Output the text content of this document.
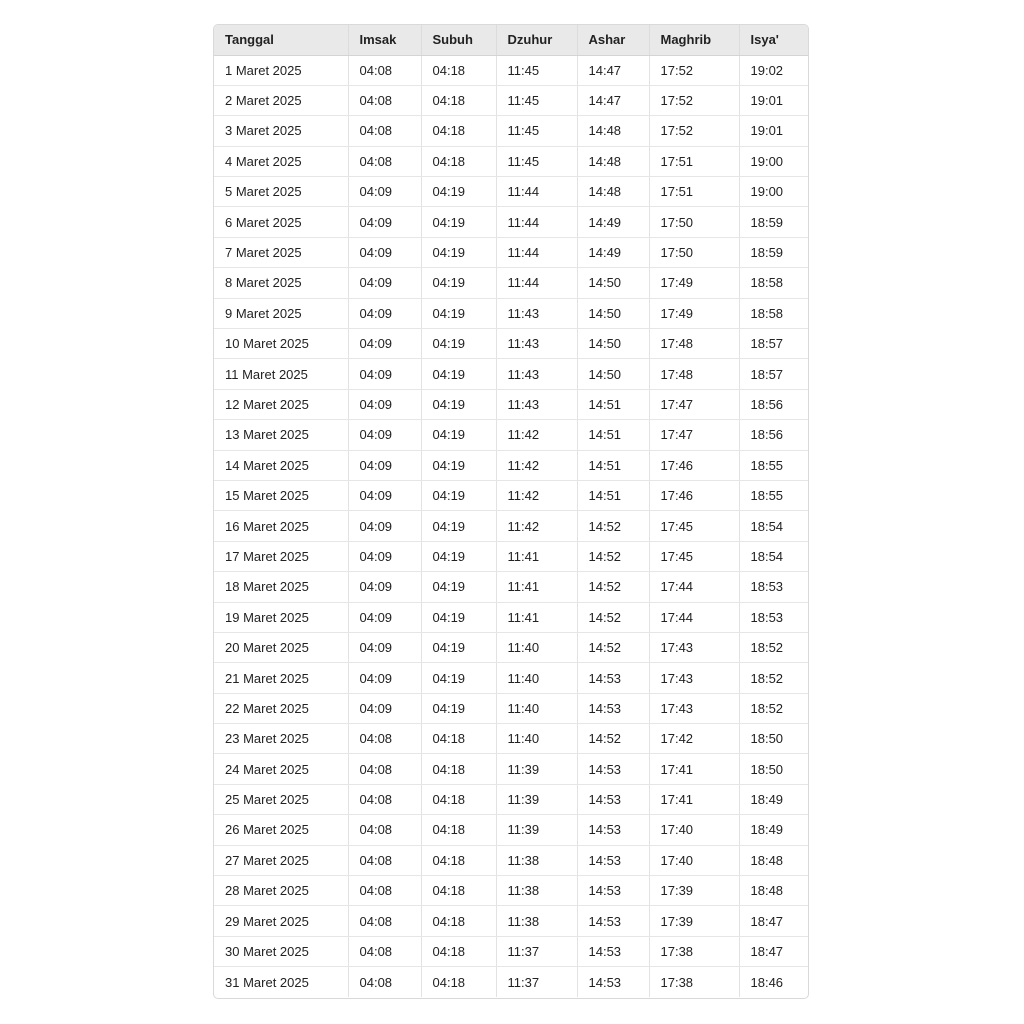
Tanggal	Imsak	Subuh	Dzuhur	Ashar	Maghrib	Isya'
1 Maret 2025	04:08	04:18	11:45	14:47	17:52	19:02
2 Maret 2025	04:08	04:18	11:45	14:47	17:52	19:01
3 Maret 2025	04:08	04:18	11:45	14:48	17:52	19:01
4 Maret 2025	04:08	04:18	11:45	14:48	17:51	19:00
5 Maret 2025	04:09	04:19	11:44	14:48	17:51	19:00
6 Maret 2025	04:09	04:19	11:44	14:49	17:50	18:59
7 Maret 2025	04:09	04:19	11:44	14:49	17:50	18:59
8 Maret 2025	04:09	04:19	11:44	14:50	17:49	18:58
9 Maret 2025	04:09	04:19	11:43	14:50	17:49	18:58
10 Maret 2025	04:09	04:19	11:43	14:50	17:48	18:57
11 Maret 2025	04:09	04:19	11:43	14:50	17:48	18:57
12 Maret 2025	04:09	04:19	11:43	14:51	17:47	18:56
13 Maret 2025	04:09	04:19	11:42	14:51	17:47	18:56
14 Maret 2025	04:09	04:19	11:42	14:51	17:46	18:55
15 Maret 2025	04:09	04:19	11:42	14:51	17:46	18:55
16 Maret 2025	04:09	04:19	11:42	14:52	17:45	18:54
17 Maret 2025	04:09	04:19	11:41	14:52	17:45	18:54
18 Maret 2025	04:09	04:19	11:41	14:52	17:44	18:53
19 Maret 2025	04:09	04:19	11:41	14:52	17:44	18:53
20 Maret 2025	04:09	04:19	11:40	14:52	17:43	18:52
21 Maret 2025	04:09	04:19	11:40	14:53	17:43	18:52
22 Maret 2025	04:09	04:19	11:40	14:53	17:43	18:52
23 Maret 2025	04:08	04:18	11:40	14:52	17:42	18:50
24 Maret 2025	04:08	04:18	11:39	14:53	17:41	18:50
25 Maret 2025	04:08	04:18	11:39	14:53	17:41	18:49
26 Maret 2025	04:08	04:18	11:39	14:53	17:40	18:49
27 Maret 2025	04:08	04:18	11:38	14:53	17:40	18:48
28 Maret 2025	04:08	04:18	11:38	14:53	17:39	18:48
29 Maret 2025	04:08	04:18	11:38	14:53	17:39	18:47
30 Maret 2025	04:08	04:18	11:37	14:53	17:38	18:47
31 Maret 2025	04:08	04:18	11:37	14:53	17:38	18:46
